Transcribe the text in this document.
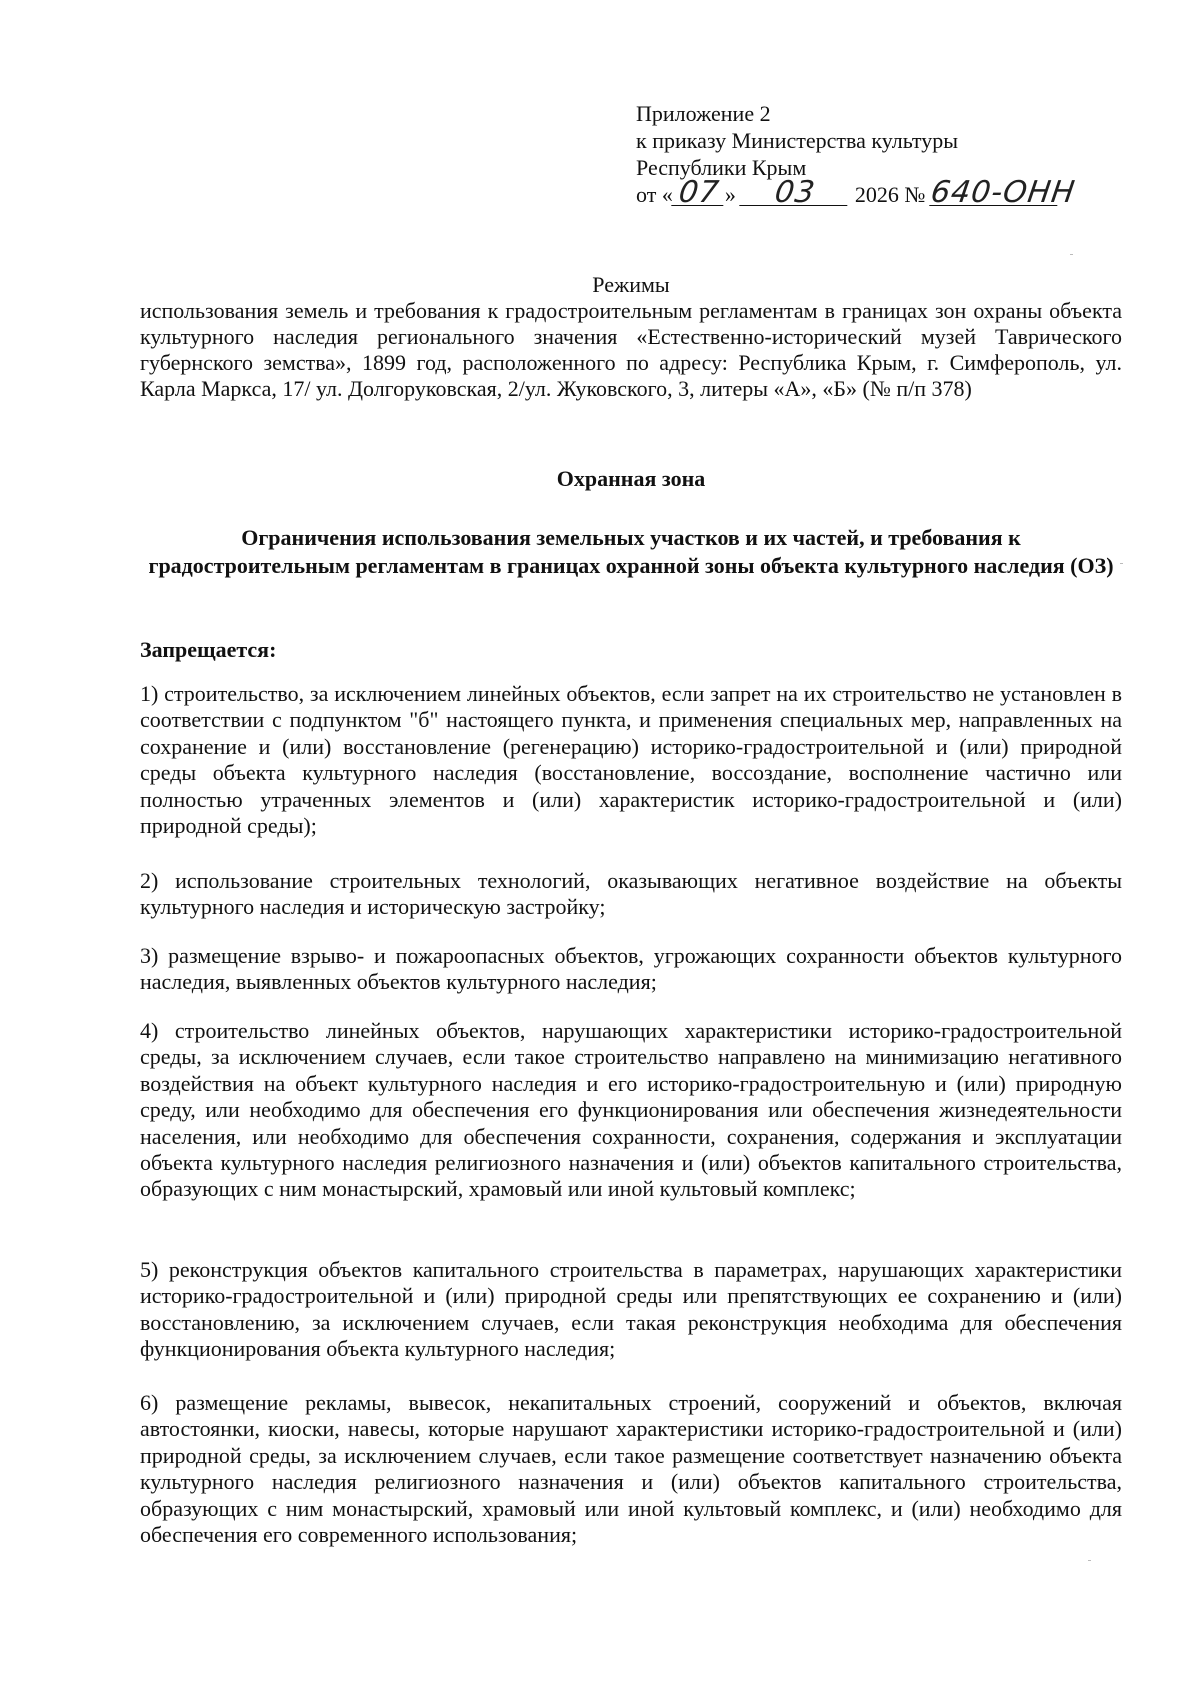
Приложение 2
к приказу Министерства культуры
Республики Крым
от « 07 » 03 2026 № 640-ОНН
Режимы
использования земель и требования к градостроительным регламентам в границах зон охраны объекта культурного наследия регионального значения «Естественно-исторический музей Таврического губернского земства», 1899 год, расположенного по адресу: Республика Крым, г. Симферополь, ул. Карла Маркса, 17/ ул. Долгоруковская, 2/ул. Жуковского, 3, литеры «А», «Б» (№ п/п 378)
Охранная зона
Ограничения использования земельных участков и их частей, и требования к градостроительным регламентам в границах охранной зоны объекта культурного наследия (ОЗ)
Запрещается:

1) строительство, за исключением линейных объектов, если запрет на их строительство не установлен в соответствии с подпунктом "б" настоящего пункта, и применения специальных мер, направленных на сохранение и (или) восстановление (регенерацию) историко-градостроительной и (или) природной среды объекта культурного наследия (восстановление, воссоздание, восполнение частично или полностью утраченных элементов и (или) характеристик историко-градостроительной и (или) природной среды);

2) использование строительных технологий, оказывающих негативное воздействие на объекты культурного наследия и историческую застройку;

3) размещение взрыво- и пожароопасных объектов, угрожающих сохранности объектов культурного наследия, выявленных объектов культурного наследия;

4) строительство линейных объектов, нарушающих характеристики историко-градостроительной среды, за исключением случаев, если такое строительство направлено на минимизацию негативного воздействия на объект культурного наследия и его историко-градостроительную и (или) природную среду, или необходимо для обеспечения его функционирования или обеспечения жизнедеятельности населения, или необходимо для обеспечения сохранности, сохранения, содержания и эксплуатации объекта культурного наследия религиозного назначения и (или) объектов капитального строительства, образующих с ним монастырский, храмовый или иной культовый комплекс;

5) реконструкция объектов капитального строительства в параметрах, нарушающих характеристики историко-градостроительной и (или) природной среды или препятствующих ее сохранению и (или) восстановлению, за исключением случаев, если такая реконструкция необходима для обеспечения функционирования объекта культурного наследия;

6) размещение рекламы, вывесок, некапитальных строений, сооружений и объектов, включая автостоянки, киоски, навесы, которые нарушают характеристики историко-градостроительной и (или) природной среды, за исключением случаев, если такое размещение соответствует назначению объекта культурного наследия религиозного назначения и (или) объектов капитального строительства, образующих с ним монастырский, храмовый или иной культовый комплекс, и (или) необходимо для обеспечения его современного использования;
